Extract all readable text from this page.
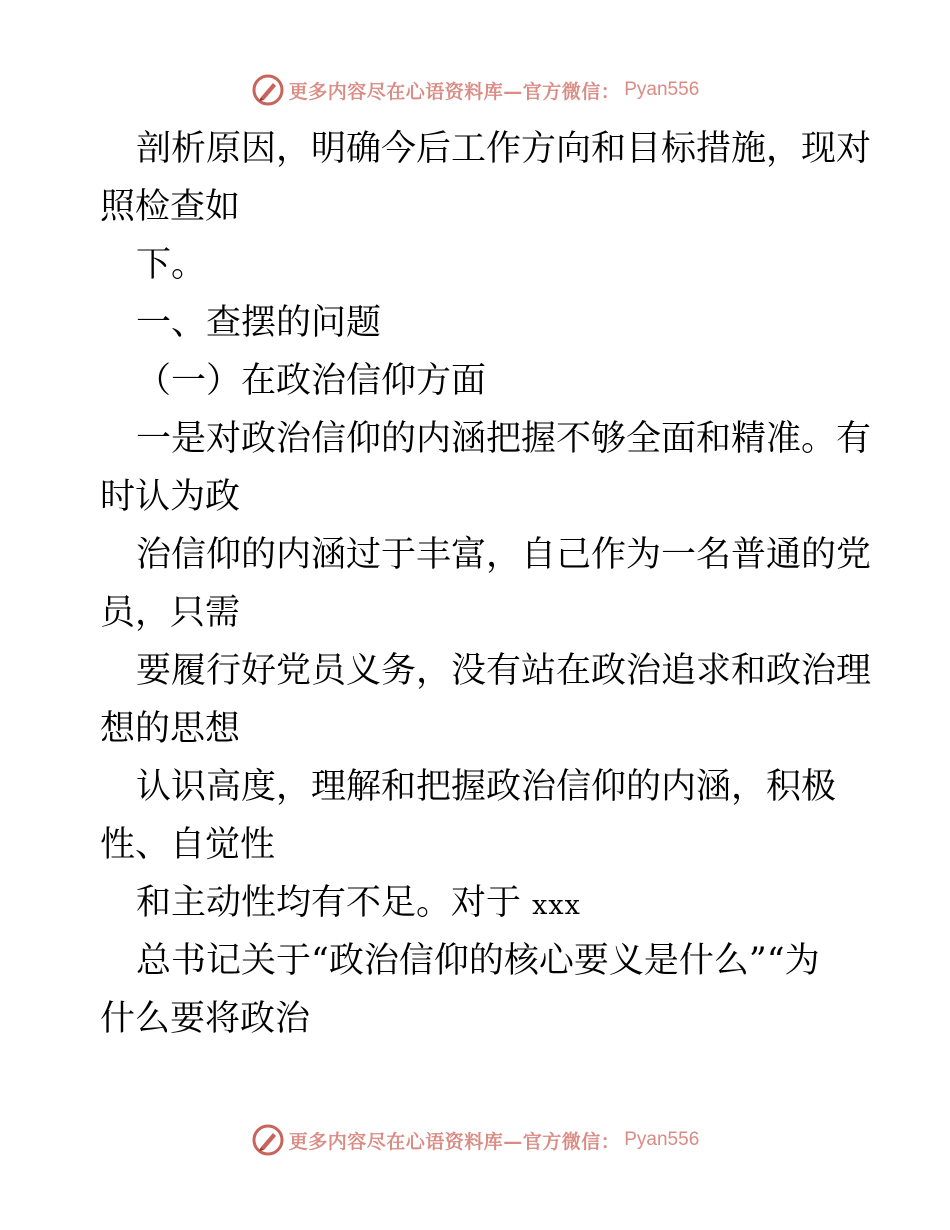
更多内容尽在心语资料库—官方微信： Pyan556
剖析原因，明确今后工作方向和目标措施，现对
照检查如
下。
一、查摆的问题
（一）在政治信仰方面
一是对政治信仰的内涵把握不够全面和精准。有
时认为政
治信仰的内涵过于丰富，自己作为一名普通的党
员，只需
要履行好党员义务，没有站在政治追求和政治理
想的思想
认识高度，理解和把握政治信仰的内涵，积极
性、自觉性
和主动性均有不足。对于 xxx
总书记关于“政治信仰的核心要义是什么”“为
什么要将政治
更多内容尽在心语资料库—官方微信： Pyan556
